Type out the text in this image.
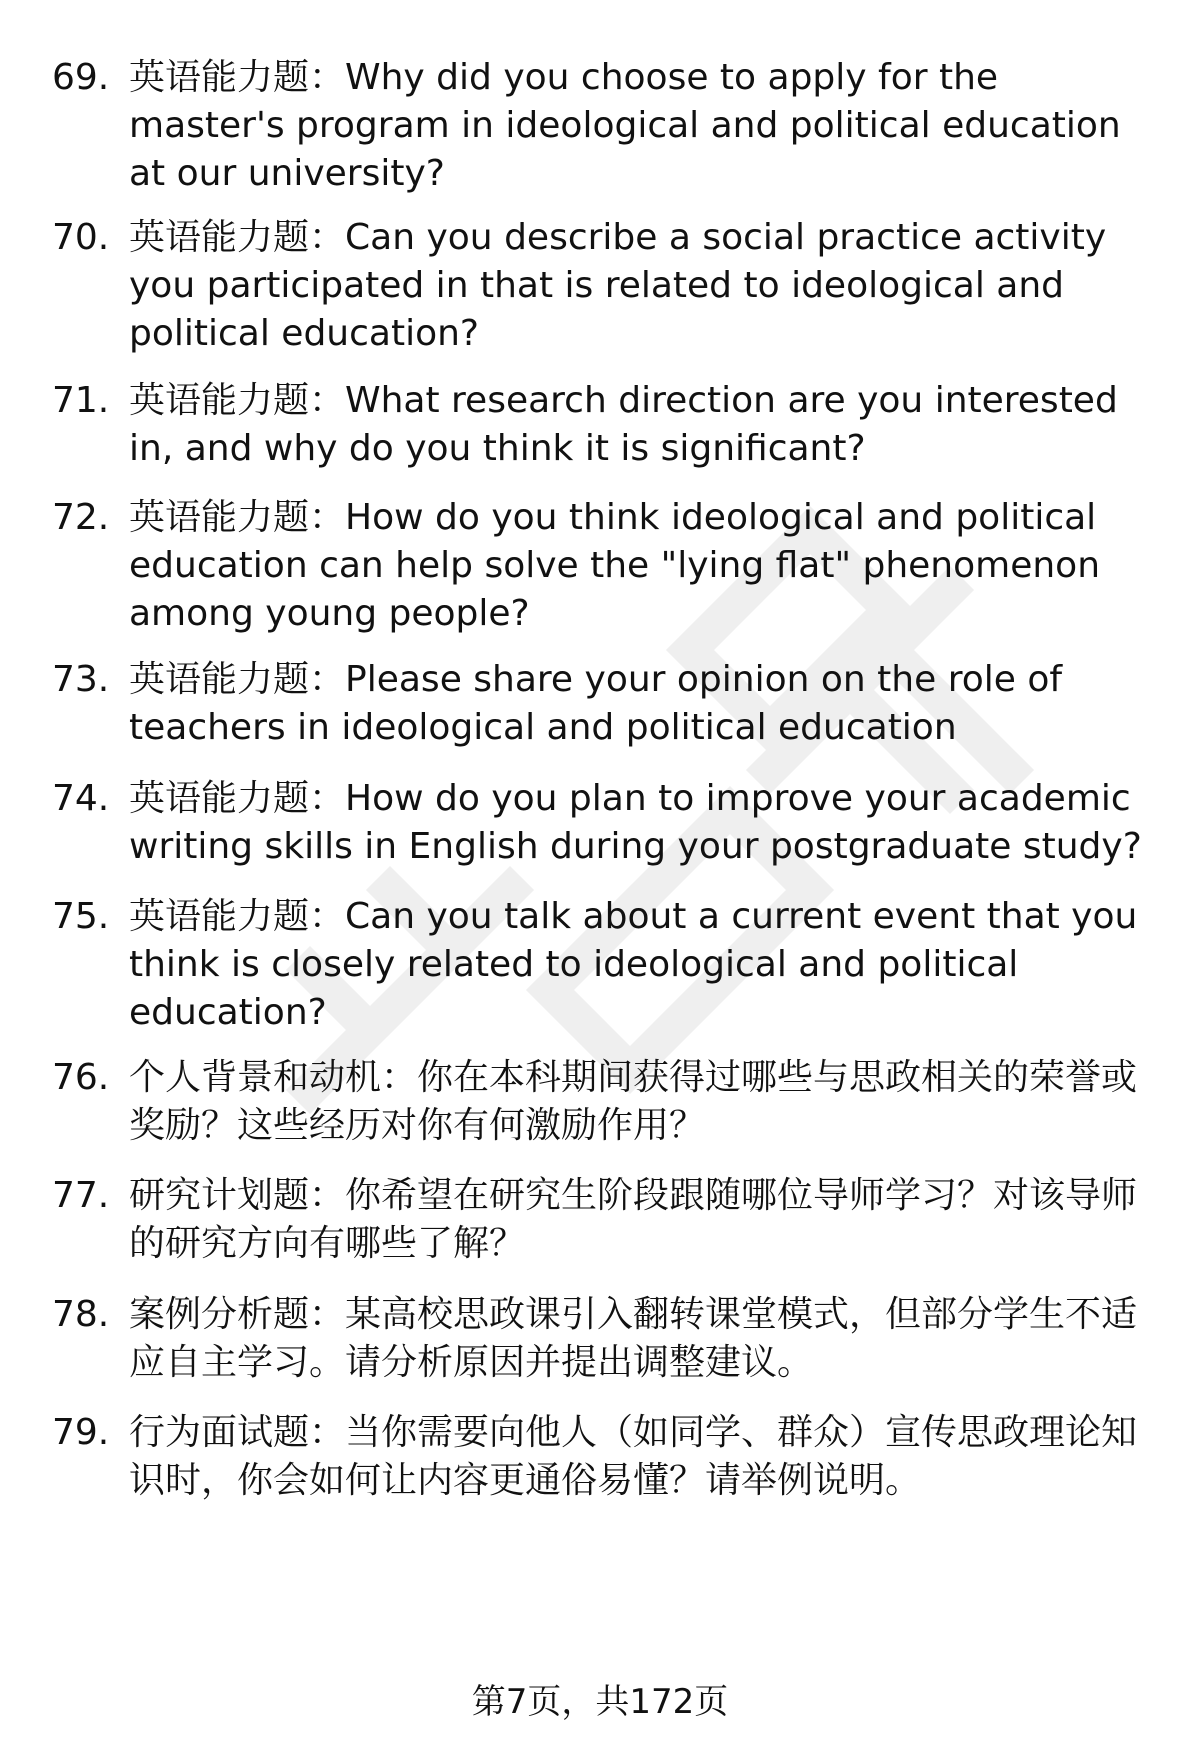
69. 英语能力题：Why did you choose to apply for the master's program in ideological and political education at our university?
70. 英语能力题：Can you describe a social practice activity you participated in that is related to ideological and political education?
71. 英语能力题：What research direction are you interested in, and why do you think it is significant?
72. 英语能力题：How do you think ideological and political education can help solve the "lying flat" phenomenon among young people?
73. 英语能力题：Please share your opinion on the role of teachers in ideological and political education
74. 英语能力题：How do you plan to improve your academic writing skills in English during your postgraduate study?
75. 英语能力题：Can you talk about a current event that you think is closely related to ideological and political education?
76. 个人背景和动机：你在本科期间获得过哪些与思政相关的荣誉或奖励？这些经历对你有何激励作用？
77. 研究计划题：你希望在研究生阶段跟随哪位导师学习？对该导师的研究方向有哪些了解？
78. 案例分析题：某高校思政课引入翻转课堂模式，但部分学生不适应自主学习。请分析原因并提出调整建议。
79. 行为面试题：当你需要向他人（如同学、群众）宣传思政理论知识时，你会如何让内容更通俗易懂？请举例说明。
第7页，共172页
